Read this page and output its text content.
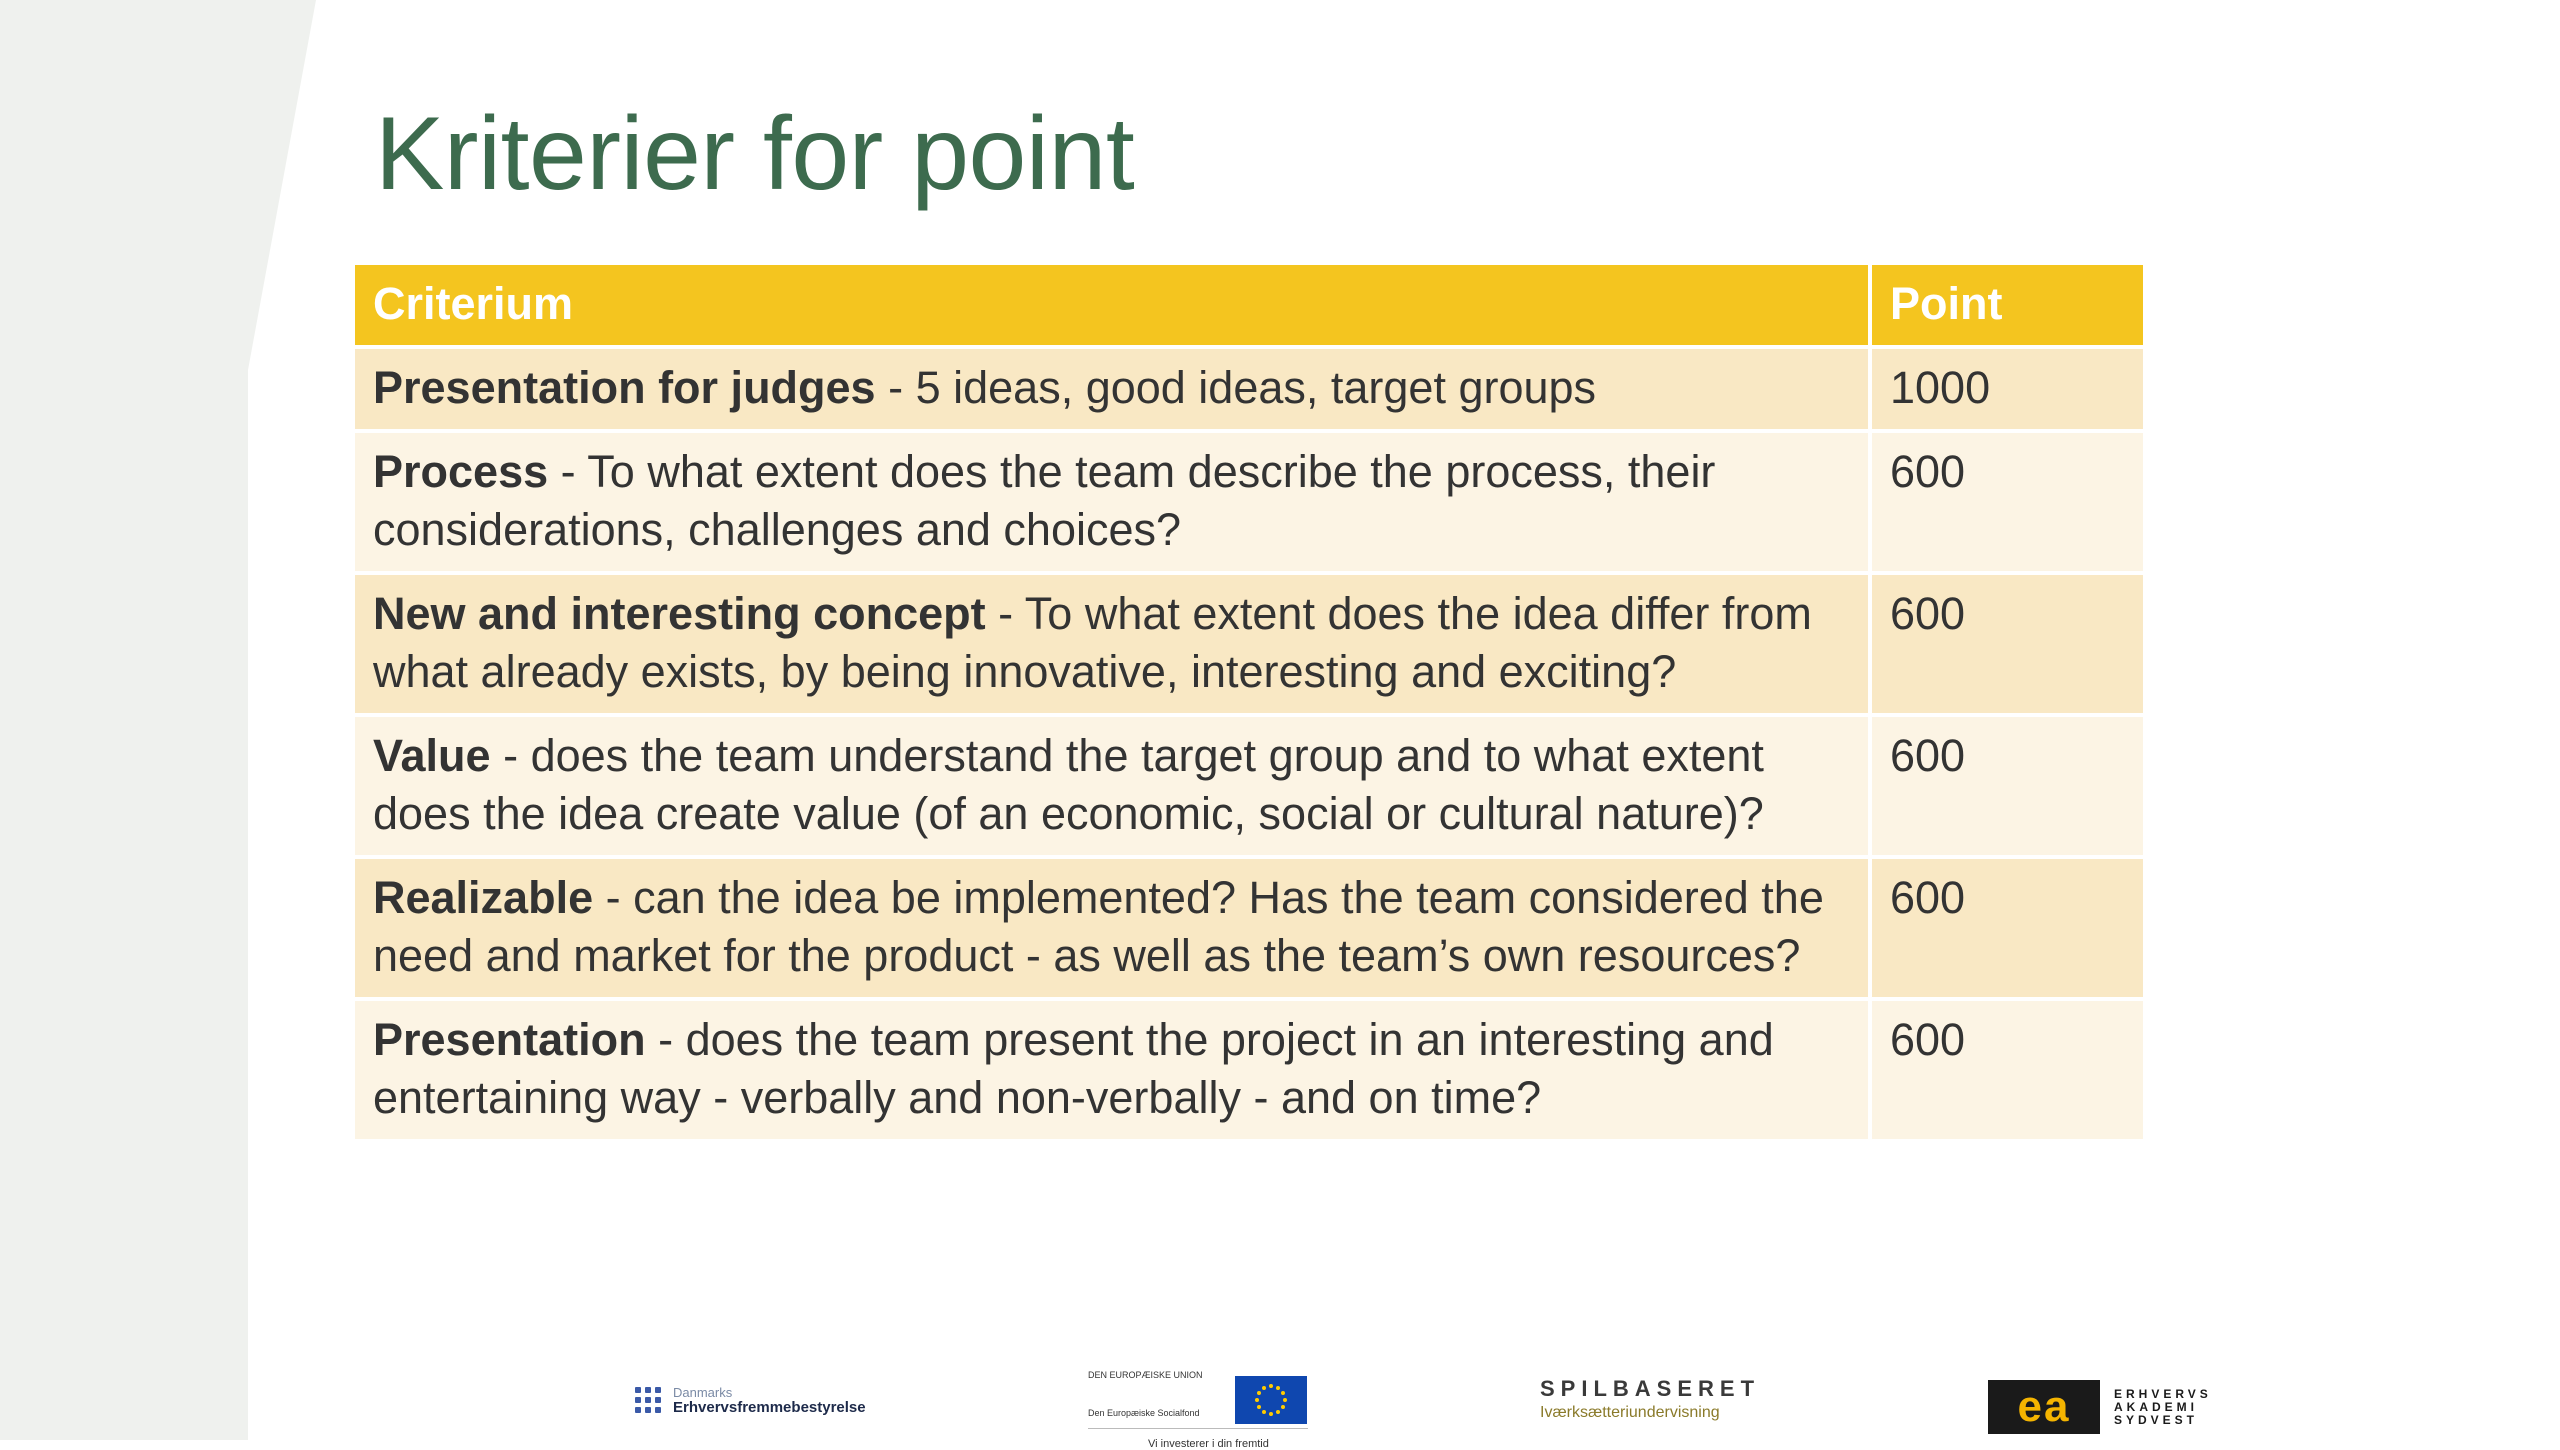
Kriterier for point
Criterium	Point
Presentation for judges - 5 ideas, good ideas, target groups	1000
Process - To what extent does the team describe the process, their considerations, challenges and choices?	600
New and interesting concept - To what extent does the idea differ from what already exists, by being innovative, interesting and exciting?	600
Value - does the team understand the target group and to what extent does the idea create value (of an economic, social or cultural nature)?	600
Realizable - can the idea be implemented? Has the team considered the need and market for the product - as well as the team’s own resources?	600
Presentation - does the team present the project in an interesting and entertaining way - verbally and non-verbally - and on time?	600
Danmarks
Erhvervsfremmebestyrelse
DEN EUROPÆISKE UNION
Den Europæiske Socialfond
Vi investerer i din fremtid
SPILBASERET
Iværksætteriundervisning	ea	ERHVERVS
AKADEMI
SYDVEST
